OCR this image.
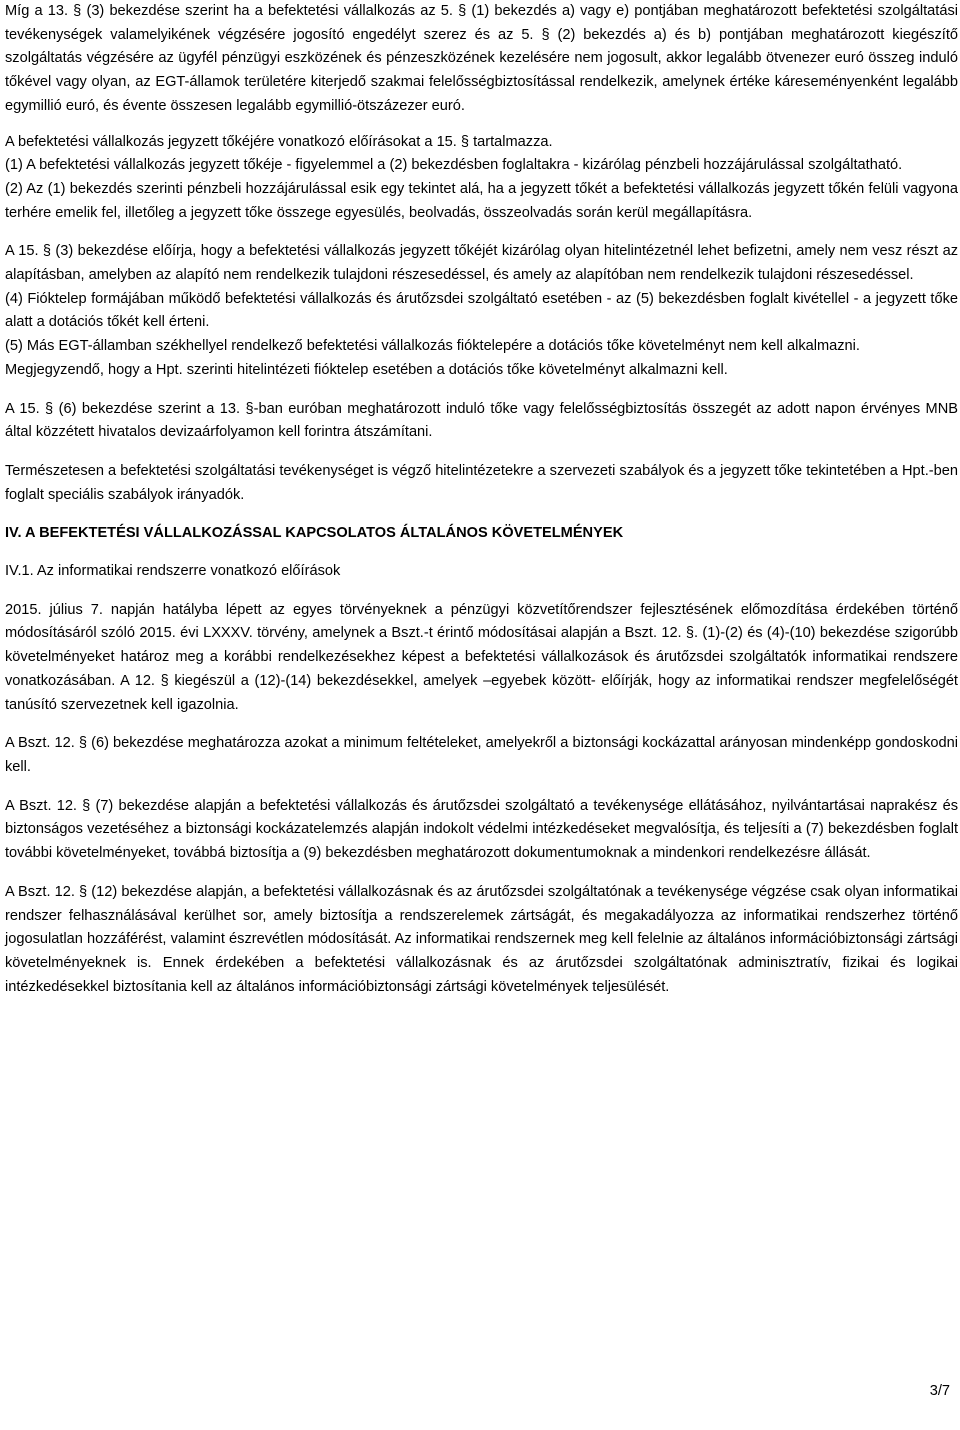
Míg a 13. § (3) bekezdése szerint ha a befektetési vállalkozás az 5. § (1) bekezdés a) vagy e) pontjában meghatározott befektetési szolgáltatási tevékenységek valamelyikének végzésére jogosító engedélyt szerez és az 5. § (2) bekezdés a) és b) pontjában meghatározott kiegészítő szolgáltatás végzésére az ügyfél pénzügyi eszközének és pénzeszközének kezelésére nem jogosult, akkor legalább ötvenezer euró összeg induló tőkével vagy olyan, az EGT-államok területére kiterjedő szakmai felelősségbiztosítással rendelkezik, amelynek értéke káreseményenként legalább egymillió euró, és évente összesen legalább egymillió-ötszázezer euró.

A befektetési vállalkozás jegyzett tőkéjére vonatkozó előírásokat a 15. § tartalmazza.

(1) A befektetési vállalkozás jegyzett tőkéje - figyelemmel a (2) bekezdésben foglaltakra - kizárólag pénzbeli hozzájárulással szolgáltatható.

(2) Az (1) bekezdés szerinti pénzbeli hozzájárulással esik egy tekintet alá, ha a jegyzett tőkét a befektetési vállalkozás jegyzett tőkén felüli vagyona terhére emelik fel, illetőleg a jegyzett tőke összege egyesülés, beolvadás, összeolvadás során kerül megállapításra.

A 15. § (3) bekezdése előírja, hogy a befektetési vállalkozás jegyzett tőkéjét kizárólag olyan hitelintézetnél lehet befizetni, amely nem vesz részt az alapításban, amelyben az alapító nem rendelkezik tulajdoni részesedéssel, és amely az alapítóban nem rendelkezik tulajdoni részesedéssel.

(4) Fióktelep formájában működő befektetési vállalkozás és árutőzsdei szolgáltató esetében - az (5) bekezdésben foglalt kivétellel - a jegyzett tőke alatt a dotációs tőkét kell érteni.

(5) Más EGT-államban székhellyel rendelkező befektetési vállalkozás fióktelepére a dotációs tőke követelményt nem kell alkalmazni.

Megjegyzendő, hogy a Hpt. szerinti hitelintézeti fióktelep esetében a dotációs tőke követelményt alkalmazni kell.

A 15. § (6) bekezdése szerint a 13. §-ban euróban meghatározott induló tőke vagy felelősségbiztosítás összegét az adott napon érvényes MNB által közzétett hivatalos devizaárfolyamon kell forintra átszámítani.

Természetesen a befektetési szolgáltatási tevékenységet is végző hitelintézetekre a szervezeti szabályok és a jegyzett tőke tekintetében a Hpt.-ben foglalt speciális szabályok irányadók.

IV. A BEFEKTETÉSI VÁLLALKOZÁSSAL KAPCSOLATOS ÁLTALÁNOS KÖVETELMÉNYEK
IV.1. Az informatikai rendszerre vonatkozó előírások

2015. július 7. napján hatályba lépett az egyes törvényeknek a pénzügyi közvetítőrendszer fejlesztésének előmozdítása érdekében történő módosításáról szóló 2015. évi LXXXV. törvény, amelynek a Bszt.-t érintő módosításai alapján a Bszt. 12. §. (1)-(2) és (4)-(10) bekezdése szigorúbb követelményeket határoz meg a korábbi rendelkezésekhez képest a befektetési vállalkozások és árutőzsdei szolgáltatók informatikai rendszere vonatkozásában. A 12. § kiegészül a (12)-(14) bekezdésekkel, amelyek –egyebek között- előírják, hogy az informatikai rendszer megfelelőségét tanúsító szervezetnek kell igazolnia.

A Bszt. 12. § (6) bekezdése meghatározza azokat a minimum feltételeket, amelyekről a biztonsági kockázattal arányosan mindenképp gondoskodni kell.

A Bszt. 12. § (7) bekezdése alapján a befektetési vállalkozás és árutőzsdei szolgáltató a tevékenysége ellátásához, nyilvántartásai naprakész és biztonságos vezetéséhez a biztonsági kockázatelemzés alapján indokolt védelmi intézkedéseket megvalósítja, és teljesíti a (7) bekezdésben foglalt további követelményeket, továbbá biztosítja a (9) bekezdésben meghatározott dokumentumoknak a mindenkori rendelkezésre állását.

A Bszt. 12. § (12) bekezdése alapján, a befektetési vállalkozásnak és az árutőzsdei szolgáltatónak a tevékenysége végzése csak olyan informatikai rendszer felhasználásával kerülhet sor, amely biztosítja a rendszerelemek zártságát, és megakadályozza az informatikai rendszerhez történő jogosulatlan hozzáférést, valamint észrevétlen módosítását. Az informatikai rendszernek meg kell felelnie az általános információbiztonsági zártsági követelményeknek is. Ennek érdekében a befektetési vállalkozásnak és az árutőzsdei szolgáltatónak adminisztratív, fizikai és logikai intézkedésekkel biztosítania kell az általános információbiztonsági zártsági követelmények teljesülését.

3/7
